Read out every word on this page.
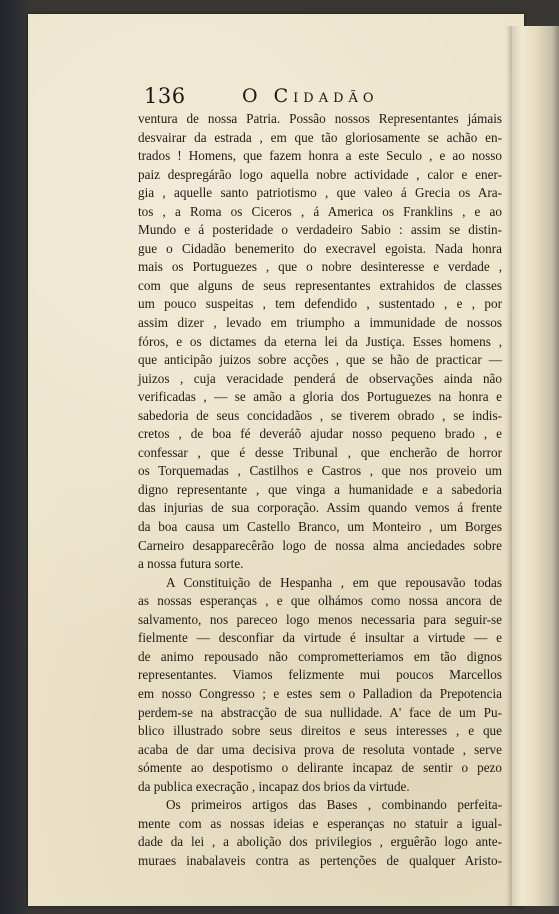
136	O Cidadão
ventura de nossa Patria. Possão nossos Representantes jámais
desvairar da estrada , em que tão gloriosamente se achão en-
trados ! Homens, que fazem honra a este Seculo , e ao nosso
paiz despregárão logo aquella nobre actividade , calor e ener-
gia , aquelle santo patriotismo , que valeo á Grecia os Ara-
tos , a Roma os Ciceros , á America os Franklins , e ao
Mundo e á posteridade o verdadeiro Sabio : assim se distin-
gue o Cidadão benemerito do execravel egoista. Nada honra
mais os Portuguezes , que o nobre desinteresse e verdade ,
com que alguns de seus representantes extrahidos de classes
um pouco suspeitas , tem defendido , sustentado , e , por
assim dizer , levado em triumpho a immunidade de nossos
fóros, e os dictames da eterna lei da Justiça. Esses homens ,
que anticipão juizos sobre acções , que se hão de practicar —
juizos , cuja veracidade penderá de observações ainda não
verificadas , — se amão a gloria dos Portuguezes na honra e
sabedoria de seus concidadãos , se tiverem obrado , se indis-
cretos , de boa fé deveráõ ajudar nosso pequeno brado , e
confessar , que é desse Tribunal , que encherão de horror
os Torquemadas , Castilhos e Castros , que nos proveio um
digno representante , que vinga a humanidade e a sabedoria
das injurias de sua corporação. Assim quando vemos á frente
da boa causa um Castello Branco, um Monteiro , um Borges
Carneiro desapparecêrão logo de nossa alma anciedades sobre
a nossa futura sorte.
A Constituição de Hespanha , em que repousavão todas
as nossas esperanças , e que olhámos como nossa ancora de
salvamento, nos pareceo logo menos necessaria para seguir-se
fielmente — desconfiar da virtude é insultar a virtude — e
de animo repousado não comprometteriamos em tão dignos
representantes. Viamos felizmente mui poucos Marcellos
em nosso Congresso ; e estes sem o Palladion da Prepotencia
perdem-se na abstracção de sua nullidade. A' face de um Pu-
blico illustrado sobre seus direitos e seus interesses , e que
acaba de dar uma decisiva prova de resoluta vontade , serve
sómente ao despotismo o delirante incapaz de sentir o pezo
da publica execração , incapaz dos brios da virtude.
Os primeiros artigos das Bases , combinando perfeita-
mente com as nossas ideias e esperanças no statuir a igual-
dade da lei , a abolição dos privilegios , erguêrão logo ante-
muraes inabalaveis contra as pertenções de qualquer Aristo-
